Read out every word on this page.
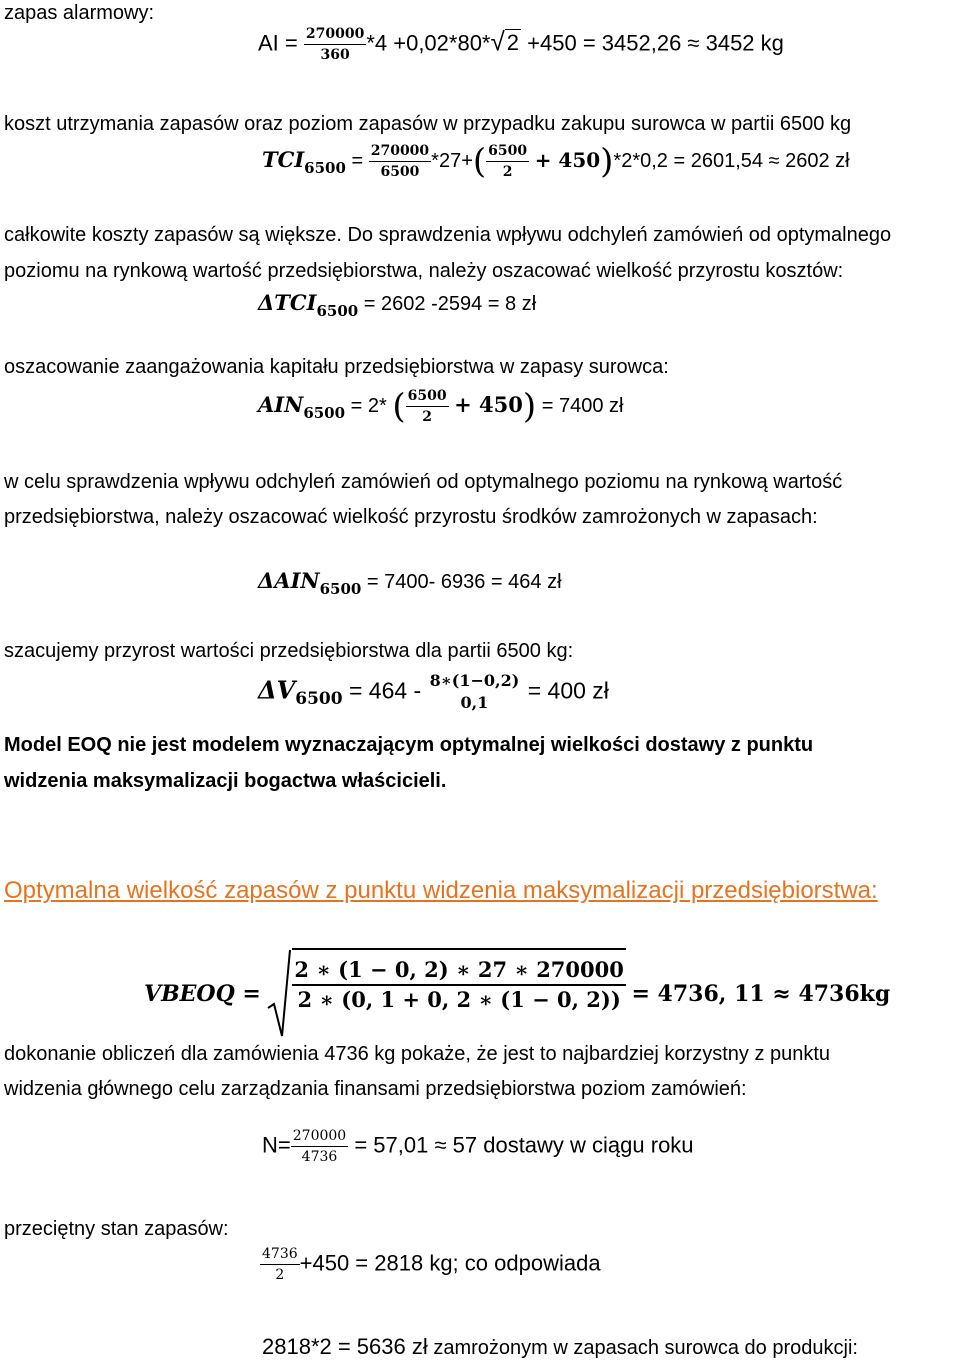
zapas alarmowy:
AI = $\frac{270000}{360} *4 +0,02*80*√2 +450 = 3452,26 \approx 3452$ kg
koszt utrzymania zapasów oraz poziom zapasów w przypadku zakupu surowca w partii 6500 kg
$TCI_{6500} = \frac{270000}{6500} *27+( \frac{6500}{2} + 450)*2*0,2 = 2601,54 \approx 2602$ zł
całkowite koszty zapasów są większe. Do sprawdzenia wpływu odchyleń zamówień od optymalnego
poziomu na rynkową wartość przedsiębiorstwa, należy oszacować wielkość przyrostu kosztów:
$\Delta TCI_{6500} = 2602$ -2594 = 8 zł
oszacowanie zaangażowania kapitału przedsiębiorstwa w zapasy surowca:
$AIN_{6500} = 2*$ ( $\frac{6500}{2} + 450) = 7400$ zł
w celu sprawdzenia wpływu odchyleń zamówień od optymalnego poziomu na rynkową wartość
przedsiębiorstwa, należy oszacować wielkość przyrostu środków zamrożonych w zapasach:
$\Delta AIN_{6500} = 7400-$ 6936 = 464 zł
szacujemy przyrost wartości przedsiębiorstwa dla partii 6500 kg:
$\Delta V_{6500} = 464$ - 8∗(1−0,2)
0,1 = 400 zł
Model EOQ nie jest modelem wyznaczającym optymalnej wielkości dostawy z punktu
widzenia maksymalizacji bogactwa właścicieli.
Optymalna wielkość zapasów z punktu widzenia maksymalizacji przedsiębiorstwa:
VBEOQ = $\frac{2 ∗ (1 - 0, 2) ∗ 27 ∗ 270000}{2 ∗ (0, 1 + 0, 2 ∗ (1 - 0, 2))} = 4736$, 11 ≈ 4736kg
dokonanie obliczeń dla zamówienia 4736 kg pokaże, że jest to najbardziej korzystny z punktu
widzenia głównego celu zarządzania finansami przedsiębiorstwa poziom zamówień:
$N= \frac{270000}{4736} = 57,01 \approx 57$ dostawy w ciągu roku
przeciętny stan zapasów:
$\frac{4736}{2} +450 = 2818$ kg; co odpowiada
2818*2 = 5636 zł zamrożonym w zapasach surowca do produkcji:
